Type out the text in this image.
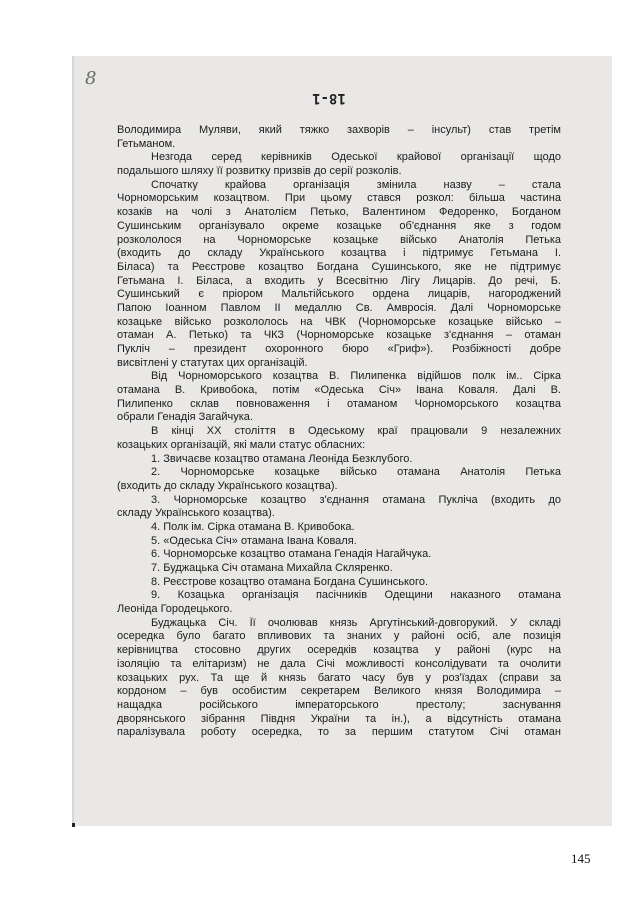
8
18-1
Володимира Муляви, який тяжко захворів – інсульт) став третім
Гетьманом.
Незгода серед керівників Одеської крайової організації щодо
подальшого шляху її розвитку призвів до серії розколів.
Спочатку крайова організація змінила назву – стала
Чорноморським козацтвом. При цьому стався розкол: більша частина
козаків на чолі з Анатолієм Петько, Валентином Федоренко, Богданом
Сушинським організувало окреме козацьке об'єднання яке з годом
розкололося на Чорноморське козацьке військо Анатолія Петька
(входить до складу Українського козацтва і підтримує Гетьмана І.
Біласа) та Реєстрове козацтво Богдана Сушинського, яке не підтримує
Гетьмана І. Біласа, а входить у Всесвітню Лігу Лицарів. До речі, Б.
Сушинський є пріором Мальтійського ордена лицарів, нагороджений
Папою Іоанном Павлом ІІ медаллю Св. Амвросія. Далі Чорноморське
козацьке військо розкололось на ЧВК (Чорноморське козацьке військо –
отаман А. Петько) та ЧКЗ (Чорноморське козацьке з'єднання – отаман
Пукліч – президент охоронного бюро «Гриф»). Розбіжності добре
висвітлені у статутах цих організацій.
Від Чорноморського козацтва В. Пилипенка відійшов полк ім.. Сірка
отамана В. Кривобока, потім «Одеська Січ» Івана Коваля. Далі В.
Пилипенко склав повноваження і отаманом Чорноморського козацтва
обрали Генадія Загайчука.
В кінці ХХ століття в Одеському краї працювали 9 незалежних
козацьких організацій, які мали статус обласних:
1. Звичаєве козацтво отамана Леоніда Безклубого.
2. Чорноморське козацьке військо отамана Анатолія Петька
(входить до складу Українського козацтва).
3. Чорноморське козацтво з'єднання отамана Пукліча (входить до
складу Українського козацтва).
4. Полк ім. Сірка отамана В. Кривобока.
5. «Одеська Січ» отамана Івана Коваля.
6. Чорноморське козацтво отамана Генадія Нагайчука.
7. Буджацька Січ отамана Михайла Скляренко.
8. Реєстрове козацтво отамана Богдана Сушинського.
9. Козацька організація пасічників Одещини наказного отамана
Леоніда Городецького.
Буджацька Січ. Її очолював князь Аргутінський-довгорукий. У складі
осередка було багато впливових та знаних у районі осіб, але позиція
керівництва стосовно других осередків козацтва у районі (курс на
ізоляцію та елітаризм) не дала Січі можливості консолідувати та очолити
козацьких рух. Та ще й князь багато часу був у роз'їздах (справи за
кордоном – був особистим секретарем Великого князя Володимира –
нащадка російського імператорського престолу; заснування
дворянського зібрання Півдня України та ін.), а відсутність отамана
паралізувала роботу осередка, то за першим статутом Січі отаман
145
